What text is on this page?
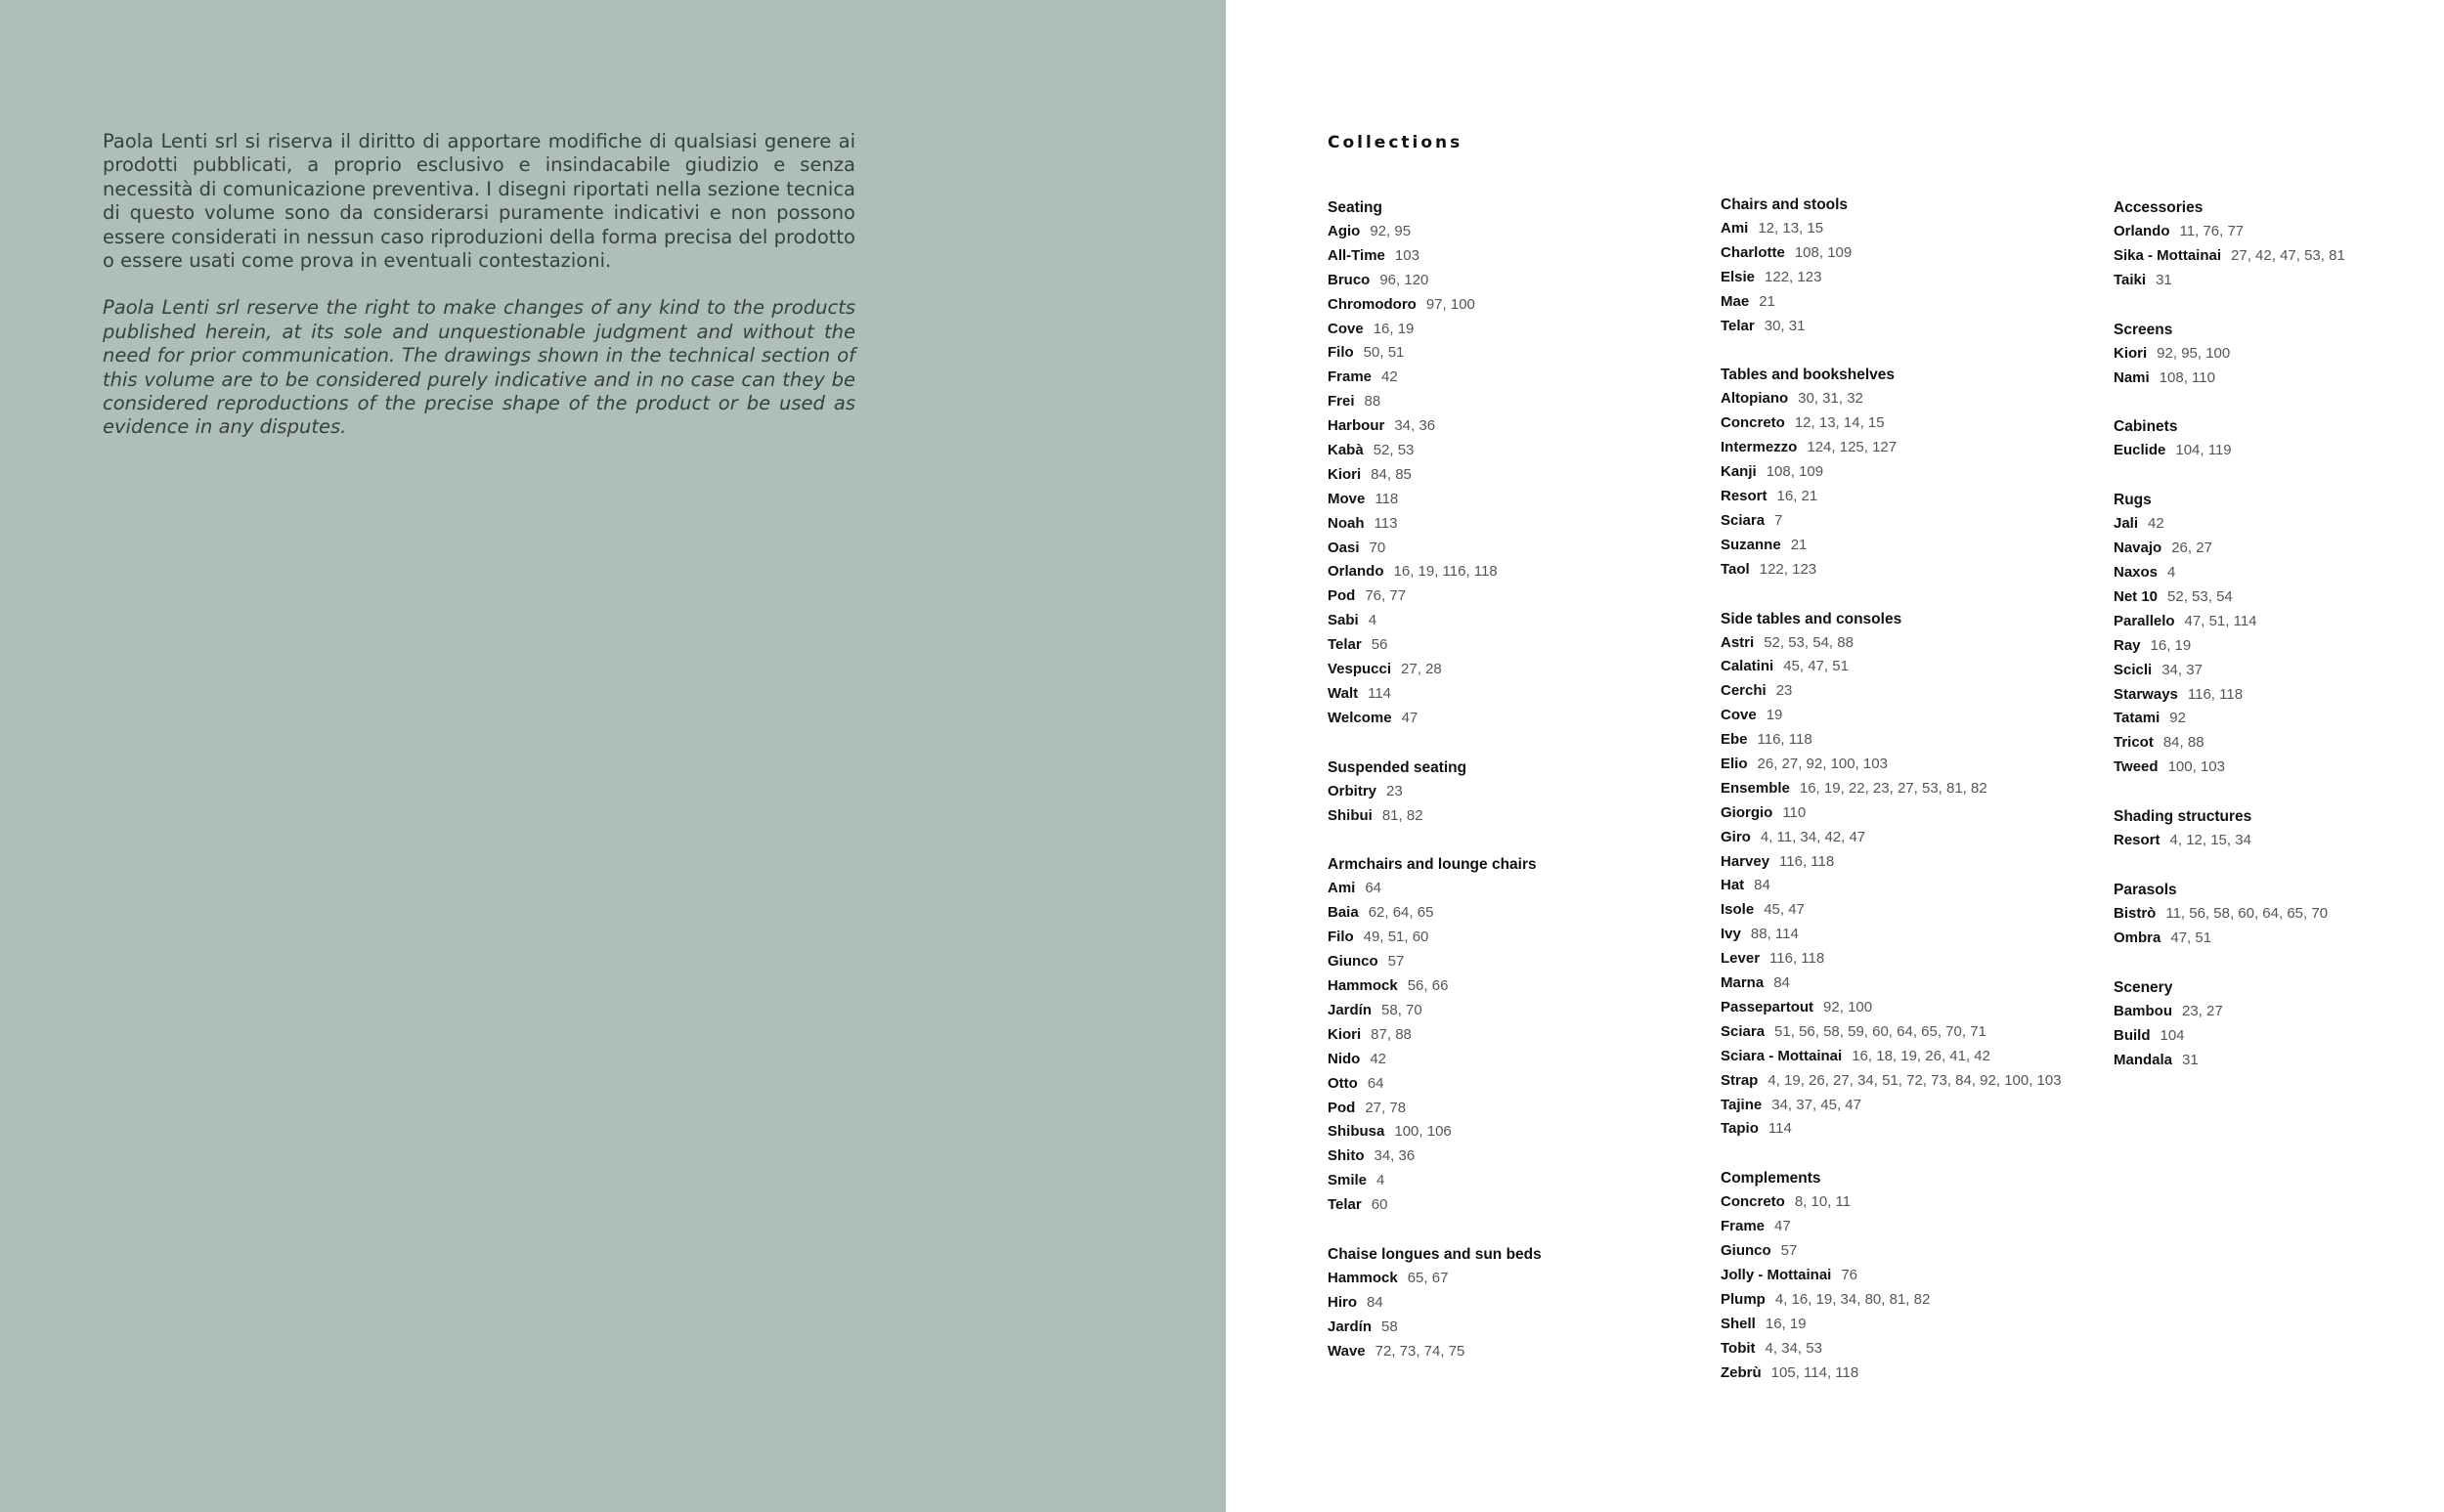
Paola Lenti srl si riserva il diritto di apportare modifiche di qualsiasi genere ai prodotti pubblicati, a proprio esclusivo e insindacabile giudizio e senza necessità di comunicazione preventiva. I disegni riportati nella sezione tecnica di questo volume sono da considerarsi puramente indicativi e non possono essere considerati in nessun caso riproduzioni della forma precisa del prodotto o essere usati come prova in eventuali contestazioni.

Paola Lenti srl reserve the right to make changes of any kind to the products published herein, at its sole and unquestionable judgment and without the need for prior communication. The drawings shown in the technical section of this volume are to be considered purely indicative and in no case can they be considered reproductions of the precise shape of the product or be used as evidence in any disputes.

Collections
Seating
Agio 92, 95
All-Time 103
Bruco 96, 120
Chromodoro 97, 100
Cove 16, 19
Filo 50, 51
Frame 42
Frei 88
Harbour 34, 36
Kabà 52, 53
Kiori 84, 85
Move 118
Noah 113
Oasi 70
Orlando 16, 19, 116, 118
Pod 76, 77
Sabi 4
Telar 56
Vespucci 27, 28
Walt 114
Welcome 47
Suspended seating
Orbitry 23
Shibui 81, 82
Armchairs and lounge chairs
Ami 64
Baia 62, 64, 65
Filo 49, 51, 60
Giunco 57
Hammock 56, 66
Jardín 58, 70
Kiori 87, 88
Nido 42
Otto 64
Pod 27, 78
Shibusa 100, 106
Shito 34, 36
Smile 4
Telar 60
Chaise longues and sun beds
Hammock 65, 67
Hiro 84
Jardín 58
Wave 72, 73, 74, 75
Chairs and stools
Ami 12, 13, 15
Charlotte 108, 109
Elsie 122, 123
Mae 21
Telar 30, 31
Tables and bookshelves
Altopiano 30, 31, 32
Concreto 12, 13, 14, 15
Intermezzo 124, 125, 127
Kanji 108, 109
Resort 16, 21
Sciara 7
Suzanne 21
Taol 122, 123
Side tables and consoles
Astri 52, 53, 54, 88
Calatini 45, 47, 51
Cerchi 23
Cove 19
Ebe 116, 118
Elio 26, 27, 92, 100, 103
Ensemble 16, 19, 22, 23, 27, 53, 81, 82
Giorgio 110
Giro 4, 11, 34, 42, 47
Harvey 116, 118
Hat 84
Isole 45, 47
Ivy 88, 114
Lever 116, 118
Marna 84
Passepartout 92, 100
Sciara 51, 56, 58, 59, 60, 64, 65, 70, 71
Sciara - Mottainai 16, 18, 19, 26, 41, 42
Strap 4, 19, 26, 27, 34, 51, 72, 73, 84, 92, 100, 103
Tajine 34, 37, 45, 47
Tapio 114
Complements
Concreto 8, 10, 11
Frame 47
Giunco 57
Jolly - Mottainai 76
Plump 4, 16, 19, 34, 80, 81, 82
Shell 16, 19
Tobit 4, 34, 53
Zebrù 105, 114, 118
Accessories
Orlando 11, 76, 77
Sika - Mottainai 27, 42, 47, 53, 81
Taiki 31
Screens
Kiori 92, 95, 100
Nami 108, 110
Cabinets
Euclide 104, 119
Rugs
Jali 42
Navajo 26, 27
Naxos 4
Net 10 52, 53, 54
Parallelo 47, 51, 114
Ray 16, 19
Scicli 34, 37
Starways 116, 118
Tatami 92
Tricot 84, 88
Tweed 100, 103
Shading structures
Resort 4, 12, 15, 34
Parasols
Bistrò 11, 56, 58, 60, 64, 65, 70
Ombra 47, 51
Scenery
Bambou 23, 27
Build 104
Mandala 31
